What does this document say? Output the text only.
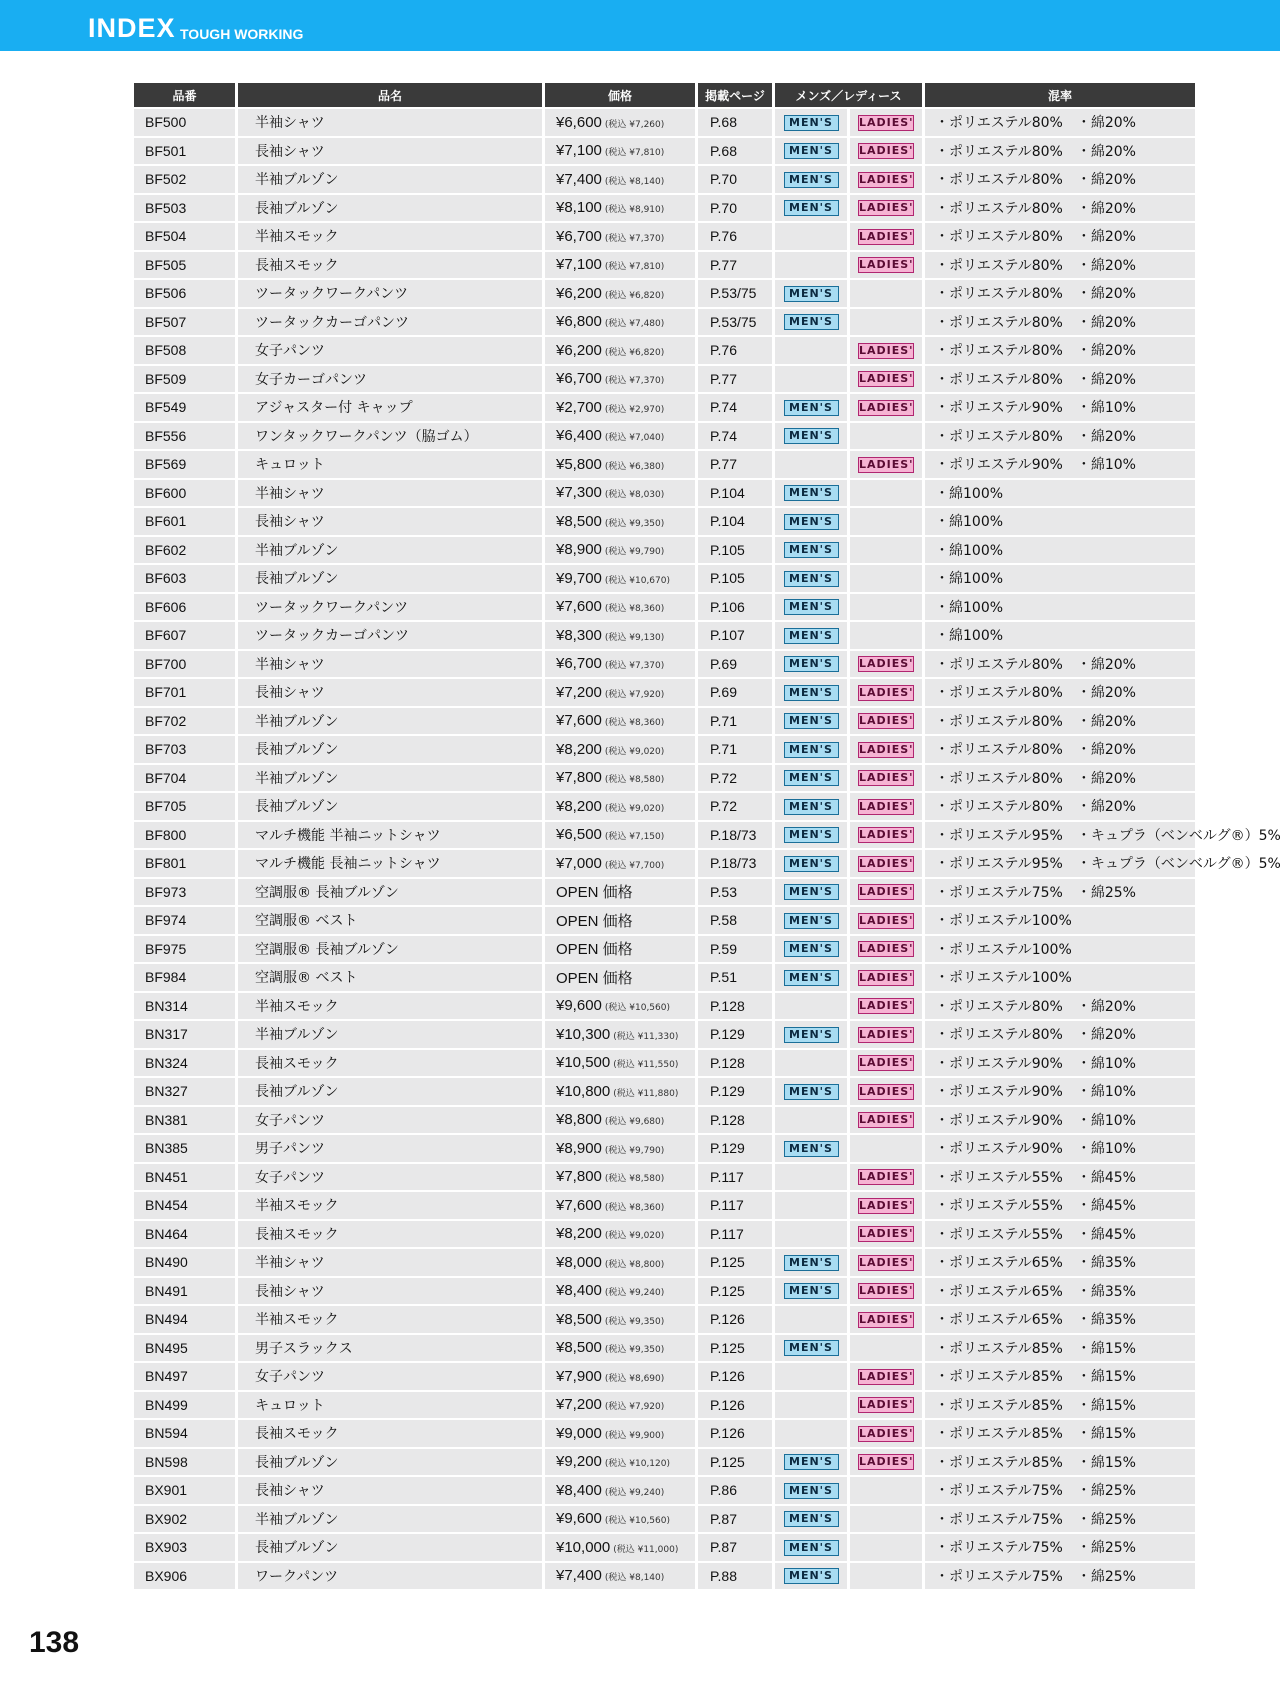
INDEX TOUGH WORKING
品番	品名	価格	掲載ページ	メンズ／レディース		混率
BF500	半袖シャツ	¥6,600 (税込 ¥7,260)	P.68	MEN'S	LADIES'	・ポリエステル80% ・綿20%
BF501	長袖シャツ	¥7,100 (税込 ¥7,810)	P.68	MEN'S	LADIES'	・ポリエステル80% ・綿20%
BF502	半袖ブルゾン	¥7,400 (税込 ¥8,140)	P.70	MEN'S	LADIES'	・ポリエステル80% ・綿20%
BF503	長袖ブルゾン	¥8,100 (税込 ¥8,910)	P.70	MEN'S	LADIES'	・ポリエステル80% ・綿20%
BF504	半袖スモック	¥6,700 (税込 ¥7,370)	P.76		LADIES'	・ポリエステル80% ・綿20%
BF505	長袖スモック	¥7,100 (税込 ¥7,810)	P.77		LADIES'	・ポリエステル80% ・綿20%
BF506	ツータックワークパンツ	¥6,200 (税込 ¥6,820)	P.53/75	MEN'S		・ポリエステル80% ・綿20%
BF507	ツータックカーゴパンツ	¥6,800 (税込 ¥7,480)	P.53/75	MEN'S		・ポリエステル80% ・綿20%
BF508	女子パンツ	¥6,200 (税込 ¥6,820)	P.76		LADIES'	・ポリエステル80% ・綿20%
BF509	女子カーゴパンツ	¥6,700 (税込 ¥7,370)	P.77		LADIES'	・ポリエステル80% ・綿20%
BF549	アジャスター付 キャップ	¥2,700 (税込 ¥2,970)	P.74	MEN'S	LADIES'	・ポリエステル90% ・綿10%
BF556	ワンタックワークパンツ（脇ゴム）	¥6,400 (税込 ¥7,040)	P.74	MEN'S		・ポリエステル80% ・綿20%
BF569	キュロット	¥5,800 (税込 ¥6,380)	P.77		LADIES'	・ポリエステル90% ・綿10%
BF600	半袖シャツ	¥7,300 (税込 ¥8,030)	P.104	MEN'S		・綿100%
BF601	長袖シャツ	¥8,500 (税込 ¥9,350)	P.104	MEN'S		・綿100%
BF602	半袖ブルゾン	¥8,900 (税込 ¥9,790)	P.105	MEN'S		・綿100%
BF603	長袖ブルゾン	¥9,700 (税込 ¥10,670)	P.105	MEN'S		・綿100%
BF606	ツータックワークパンツ	¥7,600 (税込 ¥8,360)	P.106	MEN'S		・綿100%
BF607	ツータックカーゴパンツ	¥8,300 (税込 ¥9,130)	P.107	MEN'S		・綿100%
BF700	半袖シャツ	¥6,700 (税込 ¥7,370)	P.69	MEN'S	LADIES'	・ポリエステル80% ・綿20%
BF701	長袖シャツ	¥7,200 (税込 ¥7,920)	P.69	MEN'S	LADIES'	・ポリエステル80% ・綿20%
BF702	半袖ブルゾン	¥7,600 (税込 ¥8,360)	P.71	MEN'S	LADIES'	・ポリエステル80% ・綿20%
BF703	長袖ブルゾン	¥8,200 (税込 ¥9,020)	P.71	MEN'S	LADIES'	・ポリエステル80% ・綿20%
BF704	半袖ブルゾン	¥7,800 (税込 ¥8,580)	P.72	MEN'S	LADIES'	・ポリエステル80% ・綿20%
BF705	長袖ブルゾン	¥8,200 (税込 ¥9,020)	P.72	MEN'S	LADIES'	・ポリエステル80% ・綿20%
BF800	マルチ機能 半袖ニットシャツ	¥6,500 (税込 ¥7,150)	P.18/73	MEN'S	LADIES'	・ポリエステル95% ・キュプラ（ベンベルグ®）5%
BF801	マルチ機能 長袖ニットシャツ	¥7,000 (税込 ¥7,700)	P.18/73	MEN'S	LADIES'	・ポリエステル95% ・キュプラ（ベンベルグ®）5%
BF973	空調服® 長袖ブルゾン	OPEN 価格	P.53	MEN'S	LADIES'	・ポリエステル75% ・綿25%
BF974	空調服® ベスト	OPEN 価格	P.58	MEN'S	LADIES'	・ポリエステル100%
BF975	空調服® 長袖ブルゾン	OPEN 価格	P.59	MEN'S	LADIES'	・ポリエステル100%
BF984	空調服® ベスト	OPEN 価格	P.51	MEN'S	LADIES'	・ポリエステル100%
BN314	半袖スモック	¥9,600 (税込 ¥10,560)	P.128		LADIES'	・ポリエステル80% ・綿20%
BN317	半袖ブルゾン	¥10,300 (税込 ¥11,330)	P.129	MEN'S	LADIES'	・ポリエステル80% ・綿20%
BN324	長袖スモック	¥10,500 (税込 ¥11,550)	P.128		LADIES'	・ポリエステル90% ・綿10%
BN327	長袖ブルゾン	¥10,800 (税込 ¥11,880)	P.129	MEN'S	LADIES'	・ポリエステル90% ・綿10%
BN381	女子パンツ	¥8,800 (税込 ¥9,680)	P.128		LADIES'	・ポリエステル90% ・綿10%
BN385	男子パンツ	¥8,900 (税込 ¥9,790)	P.129	MEN'S		・ポリエステル90% ・綿10%
BN451	女子パンツ	¥7,800 (税込 ¥8,580)	P.117		LADIES'	・ポリエステル55% ・綿45%
BN454	半袖スモック	¥7,600 (税込 ¥8,360)	P.117		LADIES'	・ポリエステル55% ・綿45%
BN464	長袖スモック	¥8,200 (税込 ¥9,020)	P.117		LADIES'	・ポリエステル55% ・綿45%
BN490	半袖シャツ	¥8,000 (税込 ¥8,800)	P.125	MEN'S	LADIES'	・ポリエステル65% ・綿35%
BN491	長袖シャツ	¥8,400 (税込 ¥9,240)	P.125	MEN'S	LADIES'	・ポリエステル65% ・綿35%
BN494	半袖スモック	¥8,500 (税込 ¥9,350)	P.126		LADIES'	・ポリエステル65% ・綿35%
BN495	男子スラックス	¥8,500 (税込 ¥9,350)	P.125	MEN'S		・ポリエステル85% ・綿15%
BN497	女子パンツ	¥7,900 (税込 ¥8,690)	P.126		LADIES'	・ポリエステル85% ・綿15%
BN499	キュロット	¥7,200 (税込 ¥7,920)	P.126		LADIES'	・ポリエステル85% ・綿15%
BN594	長袖スモック	¥9,000 (税込 ¥9,900)	P.126		LADIES'	・ポリエステル85% ・綿15%
BN598	長袖ブルゾン	¥9,200 (税込 ¥10,120)	P.125	MEN'S	LADIES'	・ポリエステル85% ・綿15%
BX901	長袖シャツ	¥8,400 (税込 ¥9,240)	P.86	MEN'S		・ポリエステル75% ・綿25%
BX902	半袖ブルゾン	¥9,600 (税込 ¥10,560)	P.87	MEN'S		・ポリエステル75% ・綿25%
BX903	長袖ブルゾン	¥10,000 (税込 ¥11,000)	P.87	MEN'S		・ポリエステル75% ・綿25%
BX906	ワークパンツ	¥7,400 (税込 ¥8,140)	P.88	MEN'S		・ポリエステル75% ・綿25%
138
